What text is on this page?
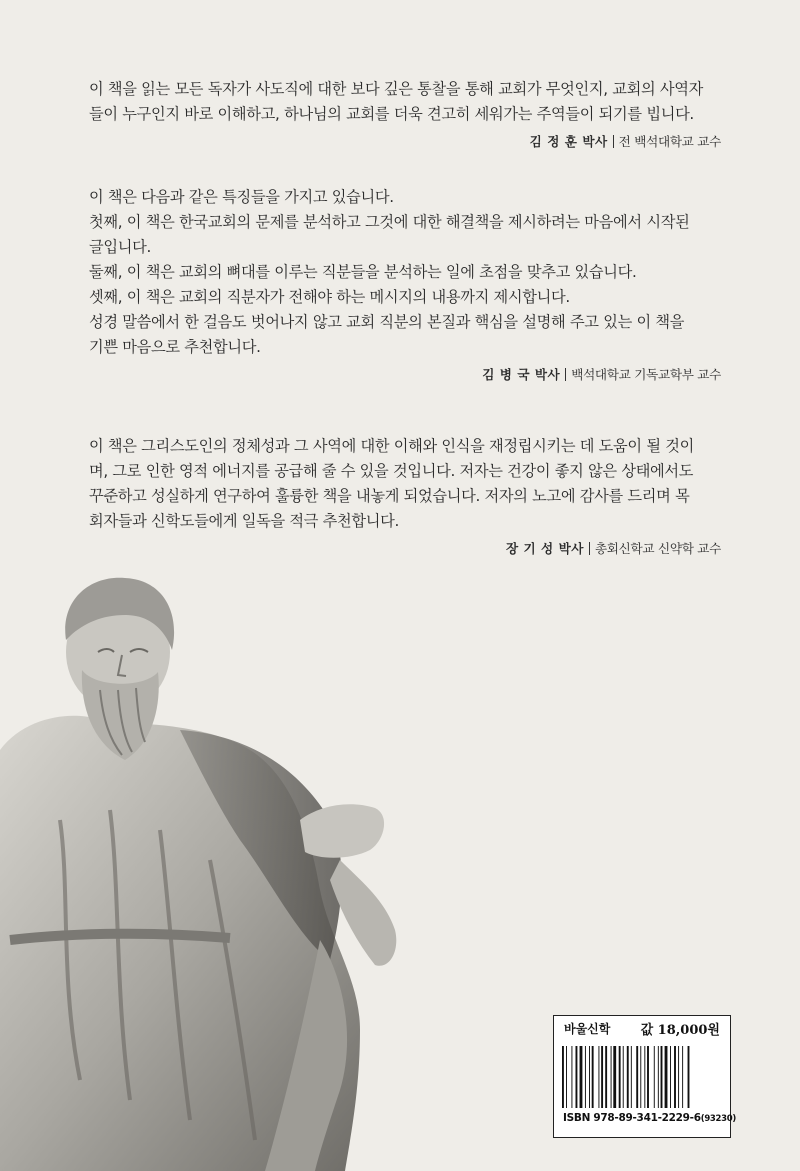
이 책을 읽는 모든 독자가 사도직에 대한 보다 깊은 통찰을 통해 교회가 무엇인지, 교회의 사역자
들이 누구인지 바로 이해하고, 하나님의 교회를 더욱 견고히 세워가는 주역들이 되기를 빕니다.

김 정 훈 박사 전 백석대학교 교수

이 책은 다음과 같은 특징들을 가지고 있습니다.
첫째, 이 책은 한국교회의 문제를 분석하고 그것에 대한 해결책을 제시하려는 마음에서 시작된
글입니다.
둘째, 이 책은 교회의 뼈대를 이루는 직분들을 분석하는 일에 초점을 맞추고 있습니다.
셋째, 이 책은 교회의 직분자가 전해야 하는 메시지의 내용까지 제시합니다.
성경 말씀에서 한 걸음도 벗어나지 않고 교회 직분의 본질과 핵심을 설명해 주고 있는 이 책을
기쁜 마음으로 추천합니다.

김 병 국 박사 백석대학교 기독교학부 교수

이 책은 그리스도인의 정체성과 그 사역에 대한 이해와 인식을 재정립시키는 데 도움이 될 것이
며, 그로 인한 영적 에너지를 공급해 줄 수 있을 것입니다. 저자는 건강이 좋지 않은 상태에서도
꾸준하고 성실하게 연구하여 훌륭한 책을 내놓게 되었습니다. 저자의 노고에 감사를 드리며 목
회자들과 신학도들에게 일독을 적극 추천합니다.

장 기 성 박사 총회신학교 신약학 교수
바울신학 값 18,000원
ISBN 978-89-341-2229-6(93230)
